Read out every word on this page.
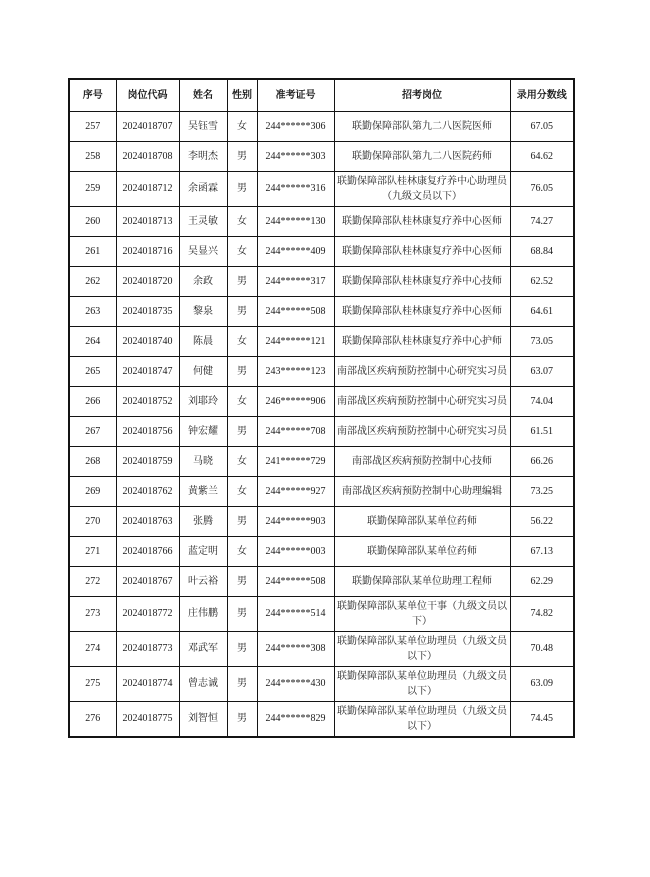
序号	岗位代码	姓名	性别	准考证号	招考岗位	录用分数线
257	2024018707	吴钰雪	女	244******306	联勤保障部队第九二八医院医师	67.05
258	2024018708	李明杰	男	244******303	联勤保障部队第九二八医院药师	64.62
259	2024018712	余函霖	男	244******316	联勤保障部队桂林康复疗养中心助理员（九级文员以下）	76.05
260	2024018713	王灵敏	女	244******130	联勤保障部队桂林康复疗养中心医师	74.27
261	2024018716	吴显兴	女	244******409	联勤保障部队桂林康复疗养中心医师	68.84
262	2024018720	余政	男	244******317	联勤保障部队桂林康复疗养中心技师	62.52
263	2024018735	黎泉	男	244******508	联勤保障部队桂林康复疗养中心医师	64.61
264	2024018740	陈晨	女	244******121	联勤保障部队桂林康复疗养中心护师	73.05
265	2024018747	何健	男	243******123	南部战区疾病预防控制中心研究实习员	63.07
266	2024018752	刘耶玲	女	246******906	南部战区疾病预防控制中心研究实习员	74.04
267	2024018756	钟宏耀	男	244******708	南部战区疾病预防控制中心研究实习员	61.51
268	2024018759	马晓	女	241******729	南部战区疾病预防控制中心技师	66.26
269	2024018762	黄紫兰	女	244******927	南部战区疾病预防控制中心助理编辑	73.25
270	2024018763	张腾	男	244******903	联勤保障部队某单位药师	56.22
271	2024018766	蓝定明	女	244******003	联勤保障部队某单位药师	67.13
272	2024018767	叶云裕	男	244******508	联勤保障部队某单位助理工程师	62.29
273	2024018772	庄伟鹏	男	244******514	联勤保障部队某单位干事（九级文员以下）	74.82
274	2024018773	邓武军	男	244******308	联勤保障部队某单位助理员（九级文员以下）	70.48
275	2024018774	曾志诚	男	244******430	联勤保障部队某单位助理员（九级文员以下）	63.09
276	2024018775	刘智恒	男	244******829	联勤保障部队某单位助理员（九级文员以下）	74.45
